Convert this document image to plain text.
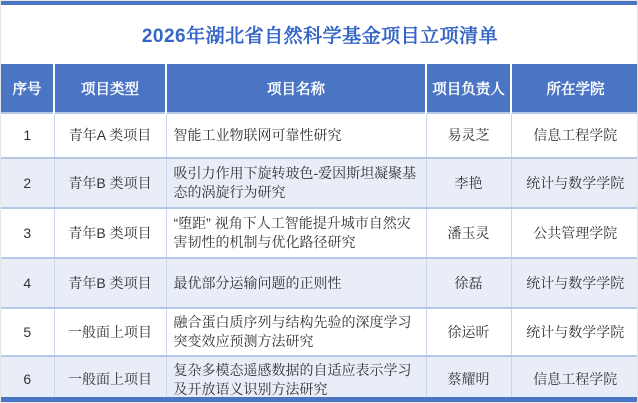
2026年湖北省自然科学基金项目立项清单
序号	项目类型	项目名称	项目负责人	所在学院
1	青年A 类项目	智能工业物联网可靠性研究	易灵芝	信息工程学院
2	青年B 类项目	吸引力作用下旋转玻色-爱因斯坦凝聚基态的涡旋行为研究	李艳	统计与数学学院
3	青年B 类项目	“堕距” 视角下人工智能提升城市自然灾害韧性的机制与优化路径研究	潘玉灵	公共管理学院
4	青年B 类项目	最优部分运输问题的正则性	徐磊	统计与数学学院
5	一般面上项目	融合蛋白质序列与结构先验的深度学习突变效应预测方法研究	徐运昕	统计与数学学院
6	一般面上项目	复杂多模态遥感数据的自适应表示学习及开放语义识别方法研究	蔡耀明	信息工程学院
